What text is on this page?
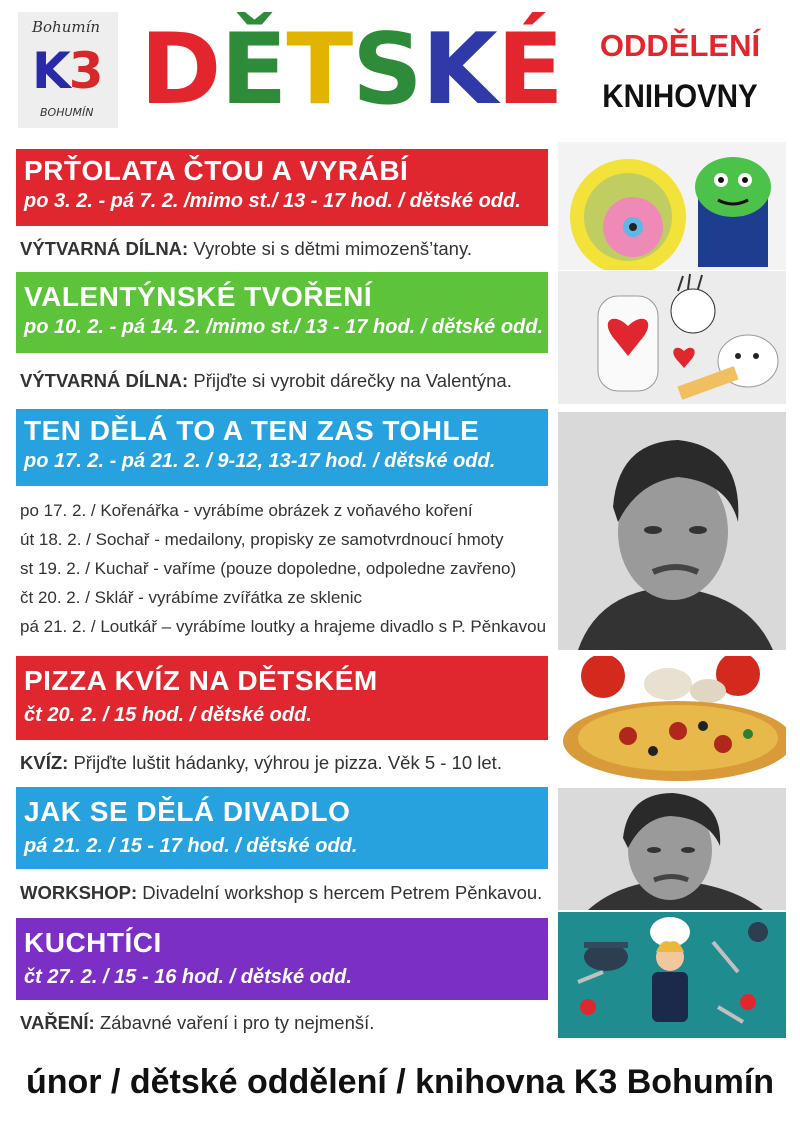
Bohumín
K3
BOHUMÍN DĚTSKÉ	ODDĚLENÍ
KNIHOVNY
PRŤOLATA ČTOU A VYRÁBÍ
po 3. 2. - pá 7. 2. /mimo st./ 13 - 17 hod. / dětské odd.
VÝTVARNÁ DÍLNA: Vyrobte si s dětmi mimozenš’tany.
VALENTÝNSKÉ TVOŘENÍ
po 10. 2. - pá 14. 2. /mimo st./ 13 - 17 hod. / dětské odd.
VÝTVARNÁ DÍLNA: Přijďte si vyrobit dárečky na Valentýna.
TEN DĚLÁ TO A TEN ZAS TOHLE
po 17. 2. - pá 21. 2. / 9-12, 13-17 hod. / dětské odd.
po 17. 2. / Kořenářka - vyrábíme obrázek z voňavého koření
út 18. 2. / Sochař - medailony, propisky ze samotvrdnoucí hmoty
st 19. 2. / Kuchař - vaříme (pouze dopoledne, odpoledne zavřeno)
čt 20. 2. / Sklář - vyrábíme zvířátka ze sklenic
pá 21. 2. / Loutkář – vyrábíme loutky a hrajeme divadlo s P. Pěnkavou
PIZZA KVÍZ NA DĚTSKÉM
čt 20. 2. / 15 hod. / dětské odd.
KVÍZ: Přijďte luštit hádanky, výhrou je pizza. Věk 5 - 10 let.
JAK SE DĚLÁ DIVADLO
pá 21. 2. / 15 - 17 hod. / dětské odd.
WORKSHOP: Divadelní workshop s hercem Petrem Pěnkavou.
KUCHTÍCI
čt 27. 2. / 15 - 16 hod. / dětské odd.
VAŘENÍ: Zábavné vaření i pro ty nejmenší.
únor / dětské oddělení / knihovna K3 Bohumín
